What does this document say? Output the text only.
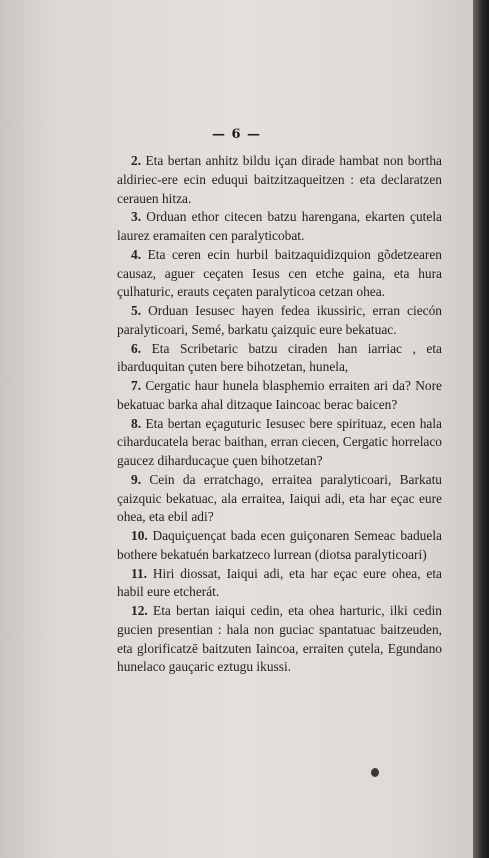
— 6 —

2. Eta bertan anhitz bildu içan dirade hambat non bortha aldiriec-ere ecin eduqui baitzitzaqueitzen : eta declaratzen cerauen hitza.

3. Orduan ethor citecen batzu harengana, ekarten çutela laurez eramaiten cen paralyticobat.

4. Eta ceren ecin hurbil baitzaquidizquion gõdetzearen causaz, aguer ceçaten Iesus cen etche gaina, eta hura çulhaturic, erauts ceçaten paralyticoa cetzan ohea.

5. Orduan Iesusec hayen fedea ikussiric, erran ciecón paralyticoari, Semé, barkatu çaizquic eure bekatuac.

6. Eta Scribetaric batzu ciraden han iarriac , eta ibarduquitan çuten bere bihotzetan, hunela,

7. Cergatic haur hunela blasphemio erraiten ari da? Nore bekatuac barka ahal ditzaque Iaincoac berac baicen?

8. Eta bertan eçaguturic Iesusec bere spirituaz, ecen hala ciharducatela berac baithan, erran ciecen, Cergatic horrelaco gaucez diharducaçue çuen bihotzetan?

9. Cein da erratchago, erraitea paralyticoari, Barkatu çaizquic bekatuac, ala erraitea, Iaiqui adi, eta har eçac eure ohea, eta ebil adi?

10. Daquiçuençat bada ecen guiçonaren Semeac baduela bothere bekatuén barkatzeco lurrean (diotsa paralyticoari)

11. Hiri diossat, Iaiqui adi, eta har eçac eure ohea, eta habil eure etcherát.

12. Eta bertan iaiqui cedin, eta ohea harturic, ilki cedin gucien presentian : hala non guciac spantatuac baitzeuden, eta glorificatzē baitzuten Iaincoa, erraiten çutela, Egundano hunelaco gauçaric eztugu ikussi.
